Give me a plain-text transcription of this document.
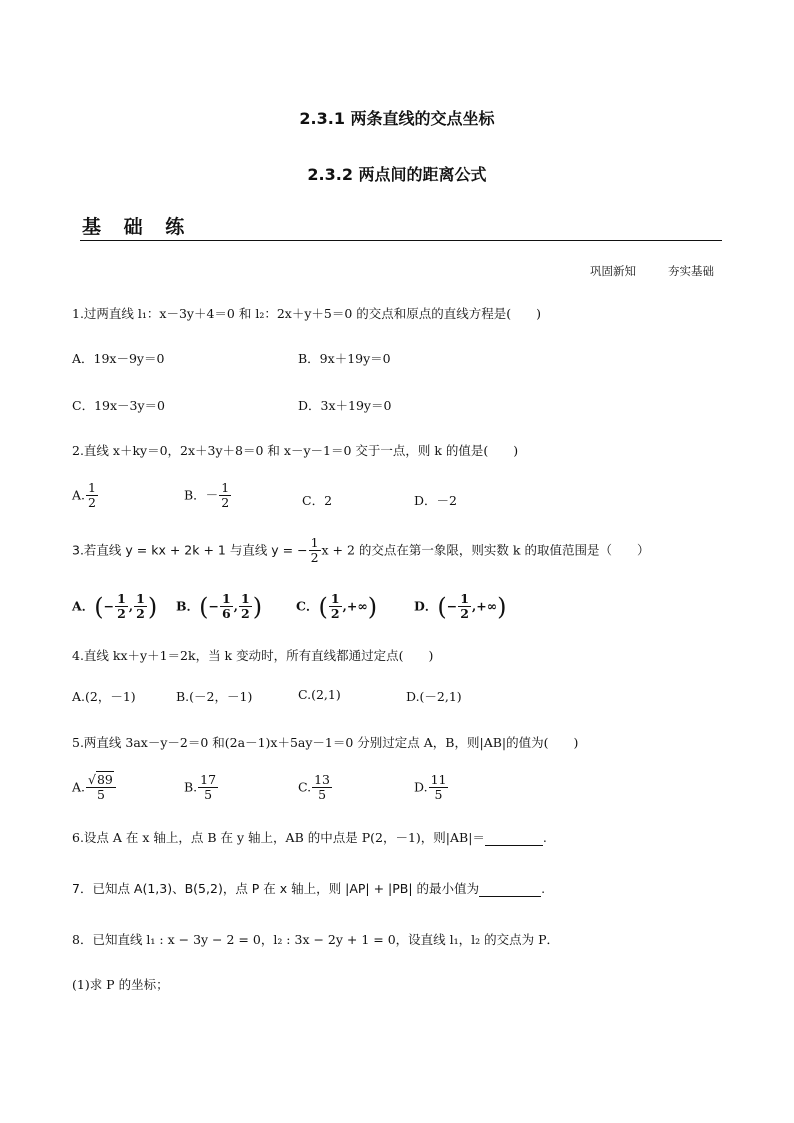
2.3.1 两条直线的交点坐标
2.3.2 两点间的距离公式
基 础 练
巩固新知	夯实基础
1.过两直线 l₁：x－3y＋4＝0 和 l₂：2x＋y＋5＝0 的交点和原点的直线方程是(　　)
A．19x－9y＝0	B．9x＋19y＝0
C．19x－3y＝0	D．3x＋19y＝0
2.直线 x＋ky＝0，2x＋3y＋8＝0 和 x－y－1＝0 交于一点，则 k 的值是(　　)
A. $\frac{1}{2}$	B．－ $\frac{1}{2}$	C．2	D．－2
3.若直线 y = kx + 2k + 1 与直线 y = − $\frac{1}{2}$ x + 2 的交点在第一象限，则实数 k 的取值范围是（　　）
A．(− $\frac{1}{2}$ , $\frac{1}{2}$ ) B．(− $\frac{1}{6}$ , $\frac{1}{2}$ )	C．( $\frac{1}{2}$ ,+∞)	D．(− $\frac{1}{2}$ ,+∞)
4.直线 kx＋y＋1＝2k，当 k 变动时，所有直线都通过定点(　　)
A.(2，－1)	B.(－2，－1)	C.(2,1)	D.(－2,1)
5.两直线 3ax－y－2＝0 和(2a－1)x＋5ay－1＝0 分别过定点 A，B，则|AB|的值为(　　)
A. $\frac{√89}{5}$	B. $\frac{17}{5}$	C. $\frac{13}{5}$	D. $\frac{11}{5}$
6.设点 A 在 x 轴上，点 B 在 y 轴上，AB 的中点是 P(2，－1)，则|AB|＝	.
7．已知点 A(1,3)、B(5,2)，点 P 在 x 轴上，则 |AP| + |PB| 的最小值为	.
8．已知直线 l₁ : x − 3y − 2 = 0，l₂ : 3x − 2y + 1 = 0，设直线 l₁，l₂ 的交点为 P．
(1)求 P 的坐标；
